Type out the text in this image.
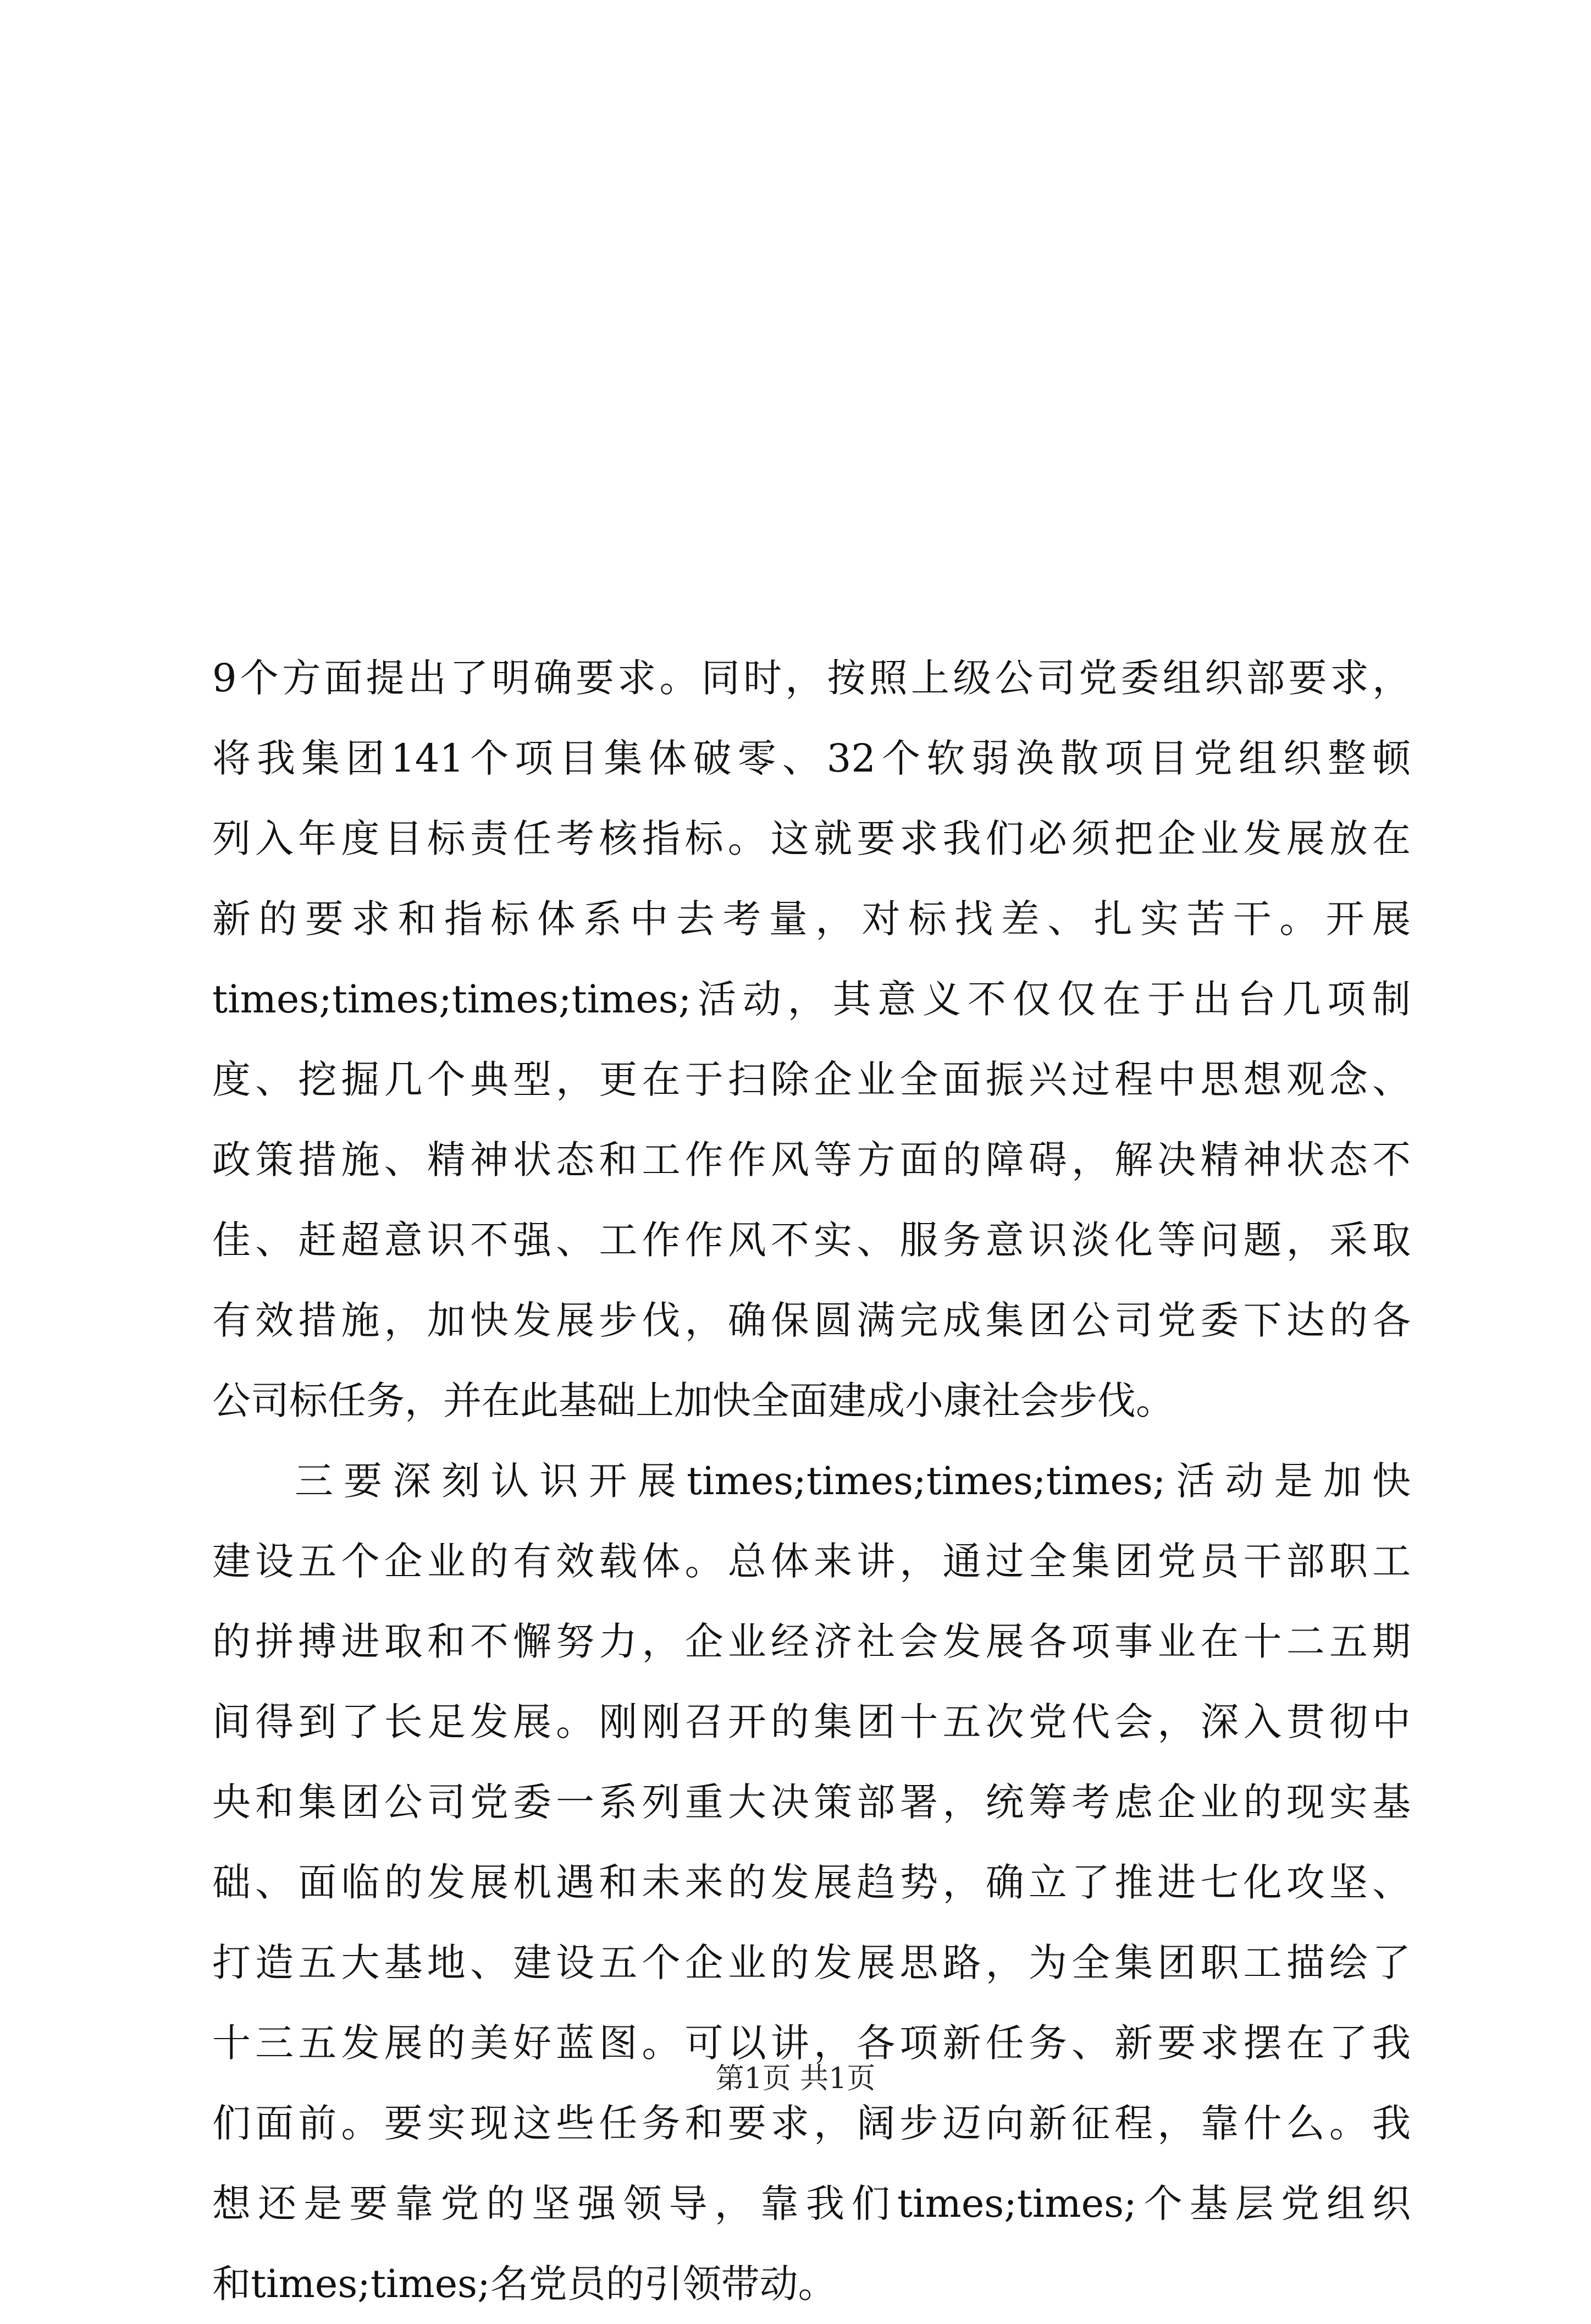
9个方面提出了明确要求。同时，按照上级公司党委组织部要求，
将我集团141个项目集体破零、32个软弱涣散项目党组织整顿
列入年度目标责任考核指标。这就要求我们必须把企业发展放在
新的要求和指标体系中去考量，对标找差、扎实苦干。开展
times;times;times;times;活动，其意义不仅仅在于出台几项制
度、挖掘几个典型，更在于扫除企业全面振兴过程中思想观念、
政策措施、精神状态和工作作风等方面的障碍，解决精神状态不
佳、赶超意识不强、工作作风不实、服务意识淡化等问题，采取
有效措施，加快发展步伐，确保圆满完成集团公司党委下达的各
公司标任务，并在此基础上加快全面建成小康社会步伐。
三要深刻认识开展times;times;times;times;活动是加快
建设五个企业的有效载体。总体来讲，通过全集团党员干部职工
的拼搏进取和不懈努力，企业经济社会发展各项事业在十二五期
间得到了长足发展。刚刚召开的集团十五次党代会，深入贯彻中
央和集团公司党委一系列重大决策部署，统筹考虑企业的现实基
础、面临的发展机遇和未来的发展趋势，确立了推进七化攻坚、
打造五大基地、建设五个企业的发展思路，为全集团职工描绘了
十三五发展的美好蓝图。可以讲，各项新任务、新要求摆在了我
们面前。要实现这些任务和要求，阔步迈向新征程，靠什么。我
想还是要靠党的坚强领导，靠我们times;times;个基层党组织
和times;times;名党员的引领带动。
第1页 共1页
